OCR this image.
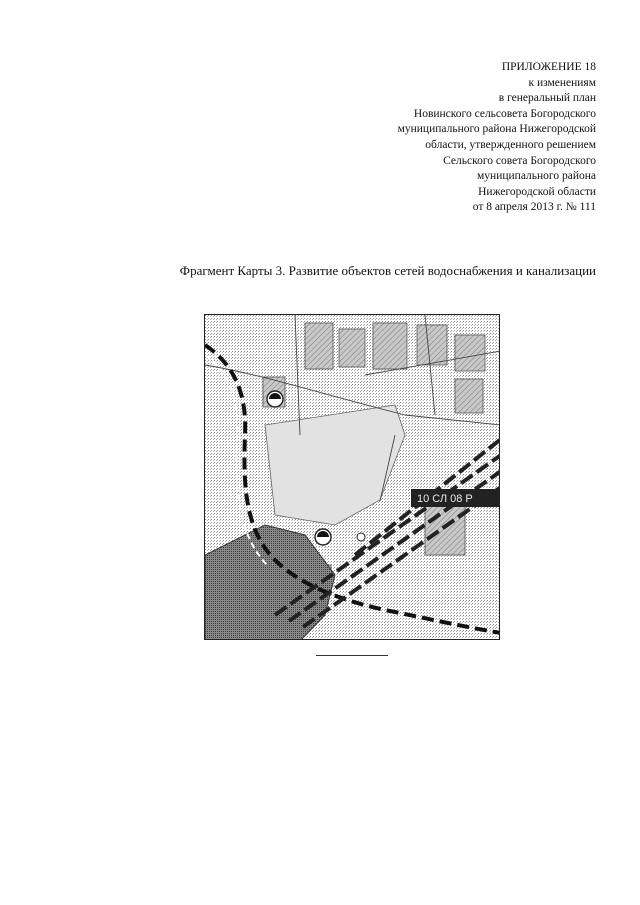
ПРИЛОЖЕНИЕ 18
к изменениям
в генеральный план
Новинского сельсовета Богородского
муниципального района Нижегородской
области, утвержденного решением
Сельского совета Богородского
муниципального района
Нижегородской области
от 8 апреля 2013 г. № 111
Фрагмент Карты 3. Развитие объектов сетей водоснабжения и канализации
10 СЛ 08 Р
